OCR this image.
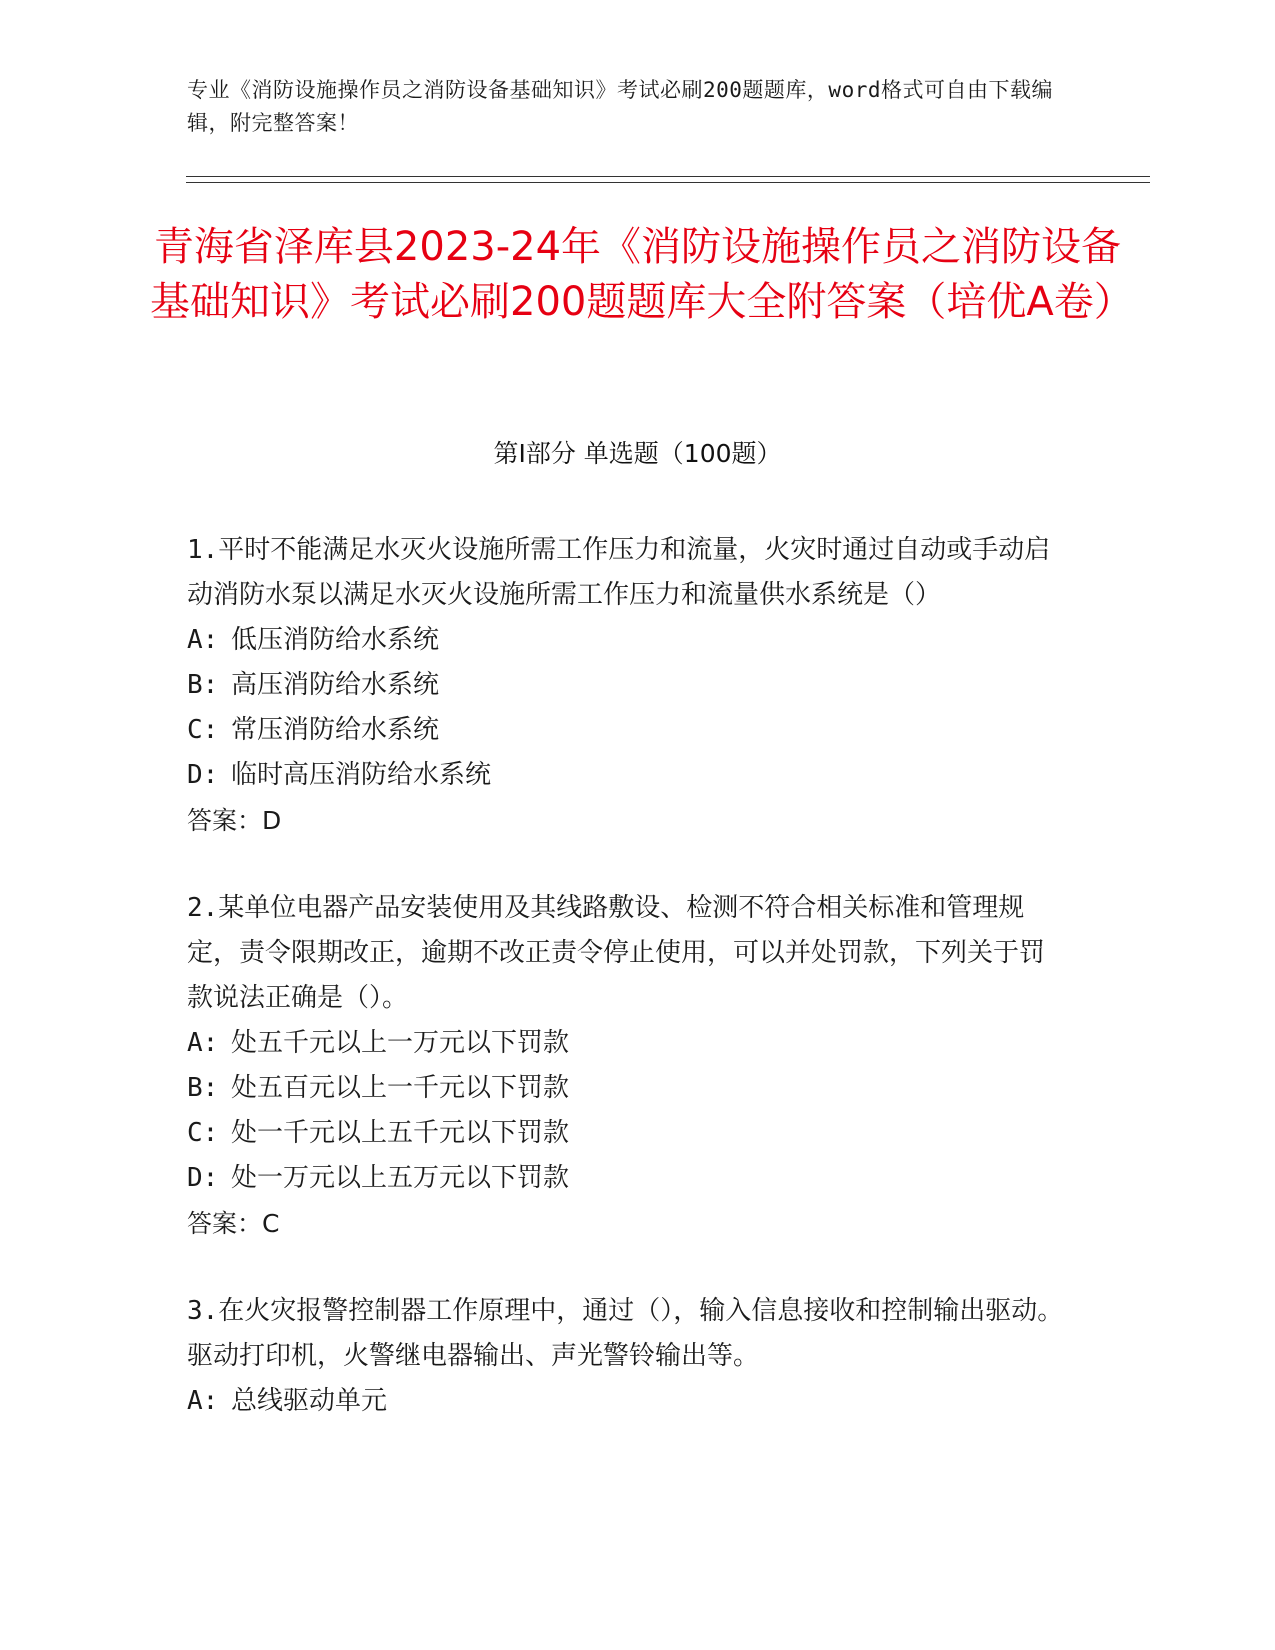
专业《消防设施操作员之消防设备基础知识》考试必刷200题题库，word格式可自由下载编辑，附完整答案！
青海省泽库县2023-24年《消防设施操作员之消防设备基础知识》考试必刷200题题库大全附答案（培优A卷）
第I部分 单选题（100题）

1.平时不能满足水灭火设施所需工作压力和流量，火灾时通过自动或手动启动消防水泵以满足水灭火设施所需工作压力和流量供水系统是（）

A: 低压消防给水系统

B: 高压消防给水系统

C: 常压消防给水系统

D: 临时高压消防给水系统

答案：D

2.某单位电器产品安装使用及其线路敷设、检测不符合相关标准和管理规定，责令限期改正，逾期不改正责令停止使用，可以并处罚款，下列关于罚款说法正确是（）。

A: 处五千元以上一万元以下罚款

B: 处五百元以上一千元以下罚款

C: 处一千元以上五千元以下罚款

D: 处一万元以上五万元以下罚款

答案：C

3.在火灾报警控制器工作原理中，通过（），输入信息接收和控制输出驱动。驱动打印机，火警继电器输出、声光警铃输出等。

A: 总线驱动单元
